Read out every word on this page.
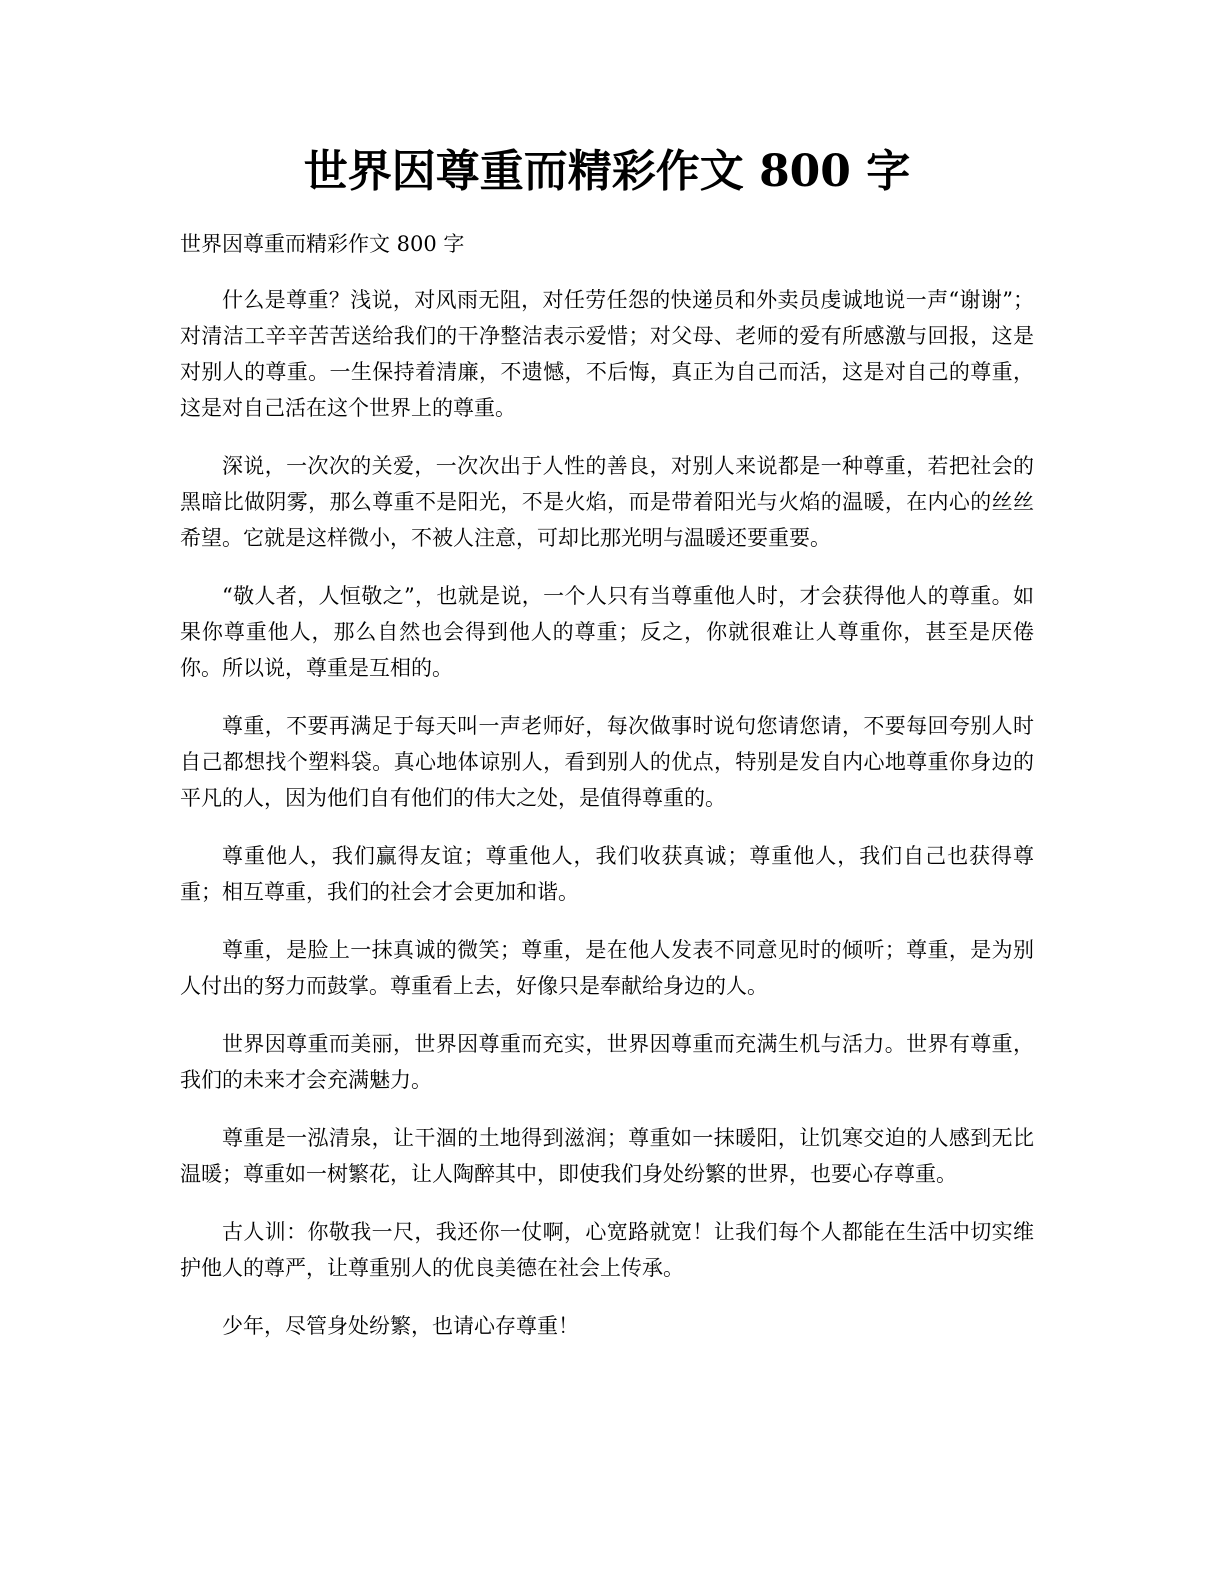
世界因尊重而精彩作文 800 字

世界因尊重而精彩作文 800 字

什么是尊重？浅说，对风雨无阻，对任劳任怨的快递员和外卖员虔诚地说一声“谢谢”；对清洁工辛辛苦苦送给我们的干净整洁表示爱惜；对父母、老师的爱有所感激与回报，这是对别人的尊重。一生保持着清廉，不遗憾，不后悔，真正为自己而活，这是对自己的尊重，这是对自己活在这个世界上的尊重。

深说，一次次的关爱，一次次出于人性的善良，对别人来说都是一种尊重，若把社会的黑暗比做阴雾，那么尊重不是阳光，不是火焰，而是带着阳光与火焰的温暖，在内心的丝丝希望。它就是这样微小，不被人注意，可却比那光明与温暖还要重要。

“敬人者，人恒敬之”，也就是说，一个人只有当尊重他人时，才会获得他人的尊重。如果你尊重他人，那么自然也会得到他人的尊重；反之，你就很难让人尊重你，甚至是厌倦你。所以说，尊重是互相的。

尊重，不要再满足于每天叫一声老师好，每次做事时说句您请您请，不要每回夸别人时自己都想找个塑料袋。真心地体谅别人，看到别人的优点，特别是发自内心地尊重你身边的平凡的人，因为他们自有他们的伟大之处，是值得尊重的。

尊重他人，我们赢得友谊；尊重他人，我们收获真诚；尊重他人，我们自己也获得尊重；相互尊重，我们的社会才会更加和谐。

尊重，是脸上一抹真诚的微笑；尊重，是在他人发表不同意见时的倾听；尊重，是为别人付出的努力而鼓掌。尊重看上去，好像只是奉献给身边的人。

世界因尊重而美丽，世界因尊重而充实，世界因尊重而充满生机与活力。世界有尊重，我们的未来才会充满魅力。

尊重是一泓清泉，让干涸的土地得到滋润；尊重如一抹暖阳，让饥寒交迫的人感到无比温暖；尊重如一树繁花，让人陶醉其中，即使我们身处纷繁的世界，也要心存尊重。

古人训：你敬我一尺，我还你一仗啊，心宽路就宽！让我们每个人都能在生活中切实维护他人的尊严，让尊重别人的优良美德在社会上传承。

少年，尽管身处纷繁，也请心存尊重！
